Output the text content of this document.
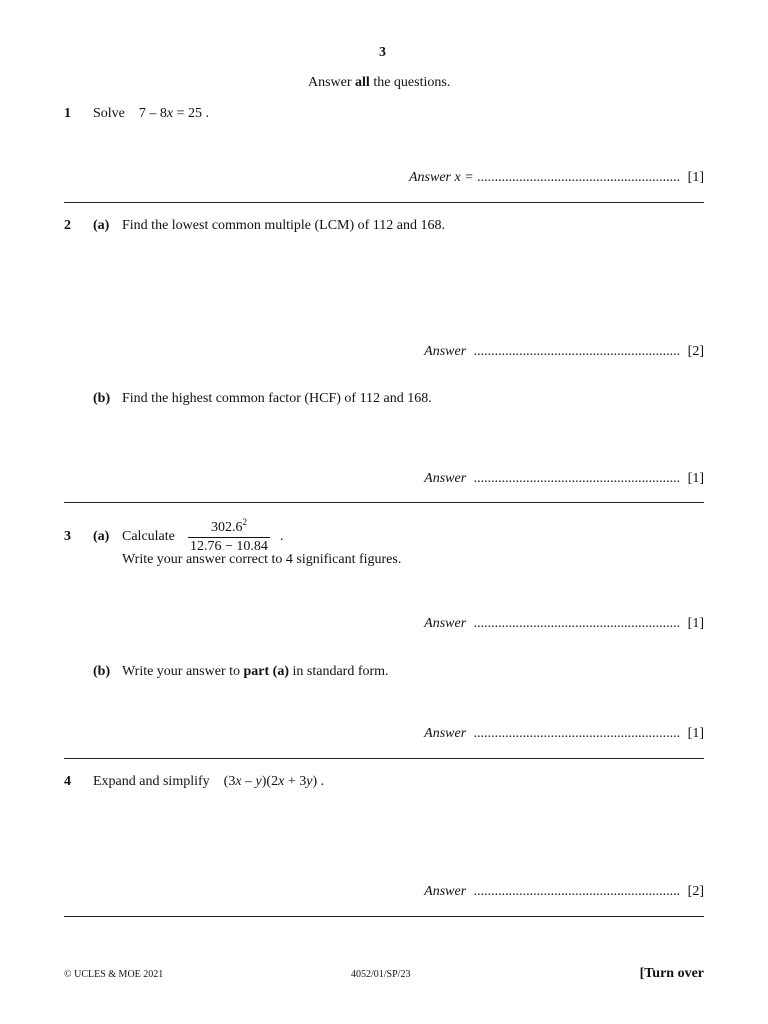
3
Answer all the questions.
1 Solve 7 – 8x = 25 .
Answer x = .......................................................... [1]
2 (a) Find the lowest common multiple (LCM) of 112 and 168.
Answer ........................................................... [2]
(b) Find the highest common factor (HCF) of 112 and 168.
Answer ........................................................... [1]
3 (a) Calculate $\frac{302.6^2}{12.76 - 10.84}$ .
Write your answer correct to 4 significant figures.
Answer ........................................................... [1]
(b) Write your answer to part (a) in standard form.
Answer ........................................................... [1]
4 Expand and simplify (3x – y)(2x + 3y) .
Answer ........................................................... [2]
© UCLES & MOE 2021	4052/01/SP/23	[Turn over
